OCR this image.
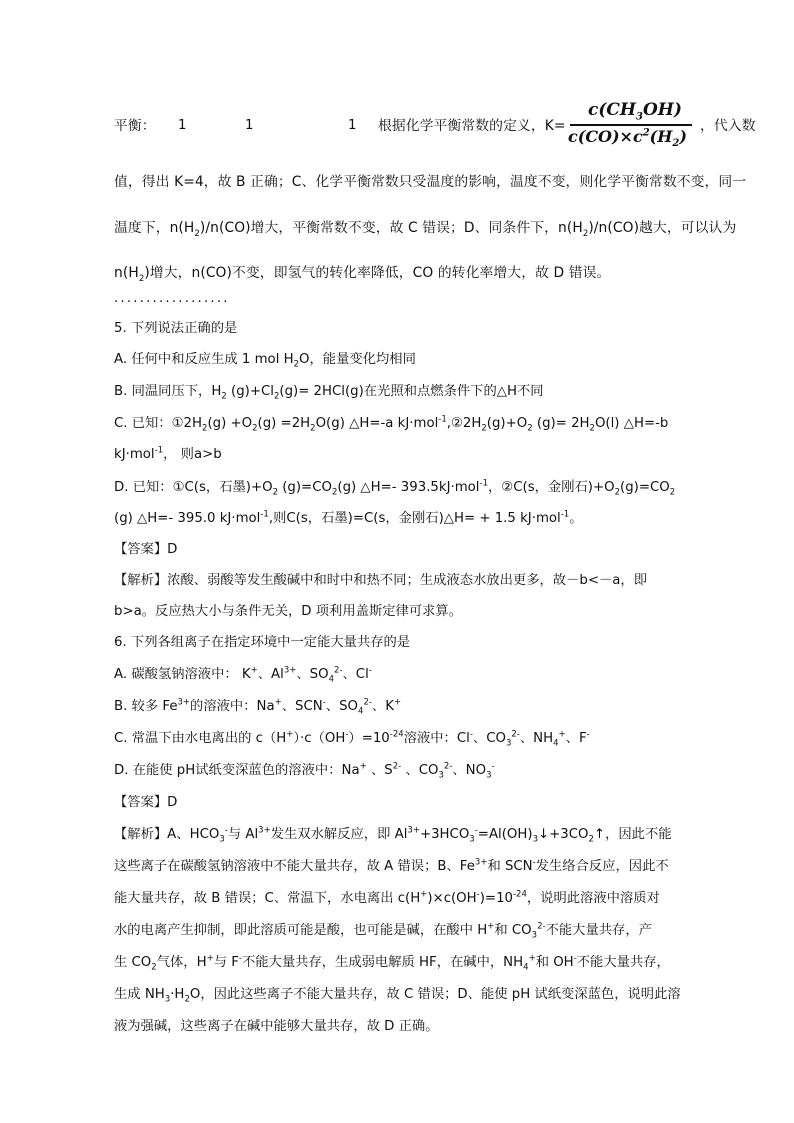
平衡： 1	1	1 根据化学平衡常数的定义，K=
$c(CH_3OH)$
$c(CO)\times c^2(H_2)$
，代入数
值，得出 K=4，故 B 正确；C、化学平衡常数只受温度的影响，温度不变，则化学平衡常数不变，同一
温度下，$n(H_2)/n(CO)$增大，平衡常数不变，故 C 错误；D、同条件下，$n(H_2)/n(CO)$越大，可以认为
$n(H_2)$增大，n(CO)不变，即氢气的转化率降低，CO 的转化率增大，故 D 错误。
..................
5. 下列说法正确的是
A. 任何中和反应生成 1 mol $H_2O$，能量变化均相同
B. 同温同压下，$H_2$ $(g)+Cl_2(g)= 2HCl(g)$在光照和点燃条件下的△H不同
C. 已知：$①2H_2(g) +O_2(g) =2H_2O(g)$ △H=-a $kJ\cdot mol^{-1},②2H_2(g)+O_2$ $(g)= 2H_2O(l)$ △H=-b
kJ·mol$^{-1}$， 则a>b
D. 已知：①C(s，石墨)$+O_2$ $(g)=CO_2(g)$ △H=- 393.5kJ·mol$^{-1}$，②C(s，金刚石)$+O_2(g)=CO_2$
(g) △H=- 395.0 kJ·mol$^{-1}$,则C(s，石墨)=C(s，金刚石)△H= + 1.5 kJ·mol$^{-1}$。
【答案】D
【解析】浓酸、弱酸等发生酸碱中和时中和热不同；生成液态水放出更多，故－b<－a，即
b>a。反应热大小与条件无关，D 项利用盖斯定律可求算。
6. 下列各组离子在指定环境中一定能大量共存的是
A. 碳酸氢钠溶液中： K+、$Al^{3+}$、$SO_4^{2-}$、Cl-
B. 较多 $Fe^{3+}$的溶液中：Na+、SCN-、$SO_4^{2-}$、K+
C. 常温下由水电离出的 $c(H^+)\cdot c(OH^-)=10^{-24}$溶液中：Cl-、$CO_3^{2-}$、$NH_4^+$、F-
D. 在能使 pH试纸变深蓝色的溶液中：Na+ 、$S^{2-}$ 、$CO_3^{2-}$、$NO_3^-$
【答案】D
【解析】A、$HCO_3^-$与 $Al^{3+}$发生双水解反应，即 $Al^{3+}+3HCO_3^-=Al(OH)_3↓+3CO_2↑$，因此不能
这些离子在碳酸氢钠溶液中不能大量共存，故 A 错误；B、$Fe^{3+}$和 SCN-发生络合反应，因此不
能大量共存，故 B 错误；C、常温下，水电离出 $c(H^+)\times c(OH^-)=10^{-24}$，说明此溶液中溶质对
水的电离产生抑制，即此溶质可能是酸，也可能是碱，在酸中 H+和 $CO_3^{2-}$不能大量共存，产
生 $CO_2$气体，H+与 F-不能大量共存，生成弱电解质 HF，在碱中，$NH_4^+$和 OH-不能大量共存，
生成 $NH_3\cdot H_2O$，因此这些离子不能大量共存，故 C 错误；D、能使 pH 试纸变深蓝色，说明此溶
液为强碱，这些离子在碱中能够大量共存，故 D 正确。
